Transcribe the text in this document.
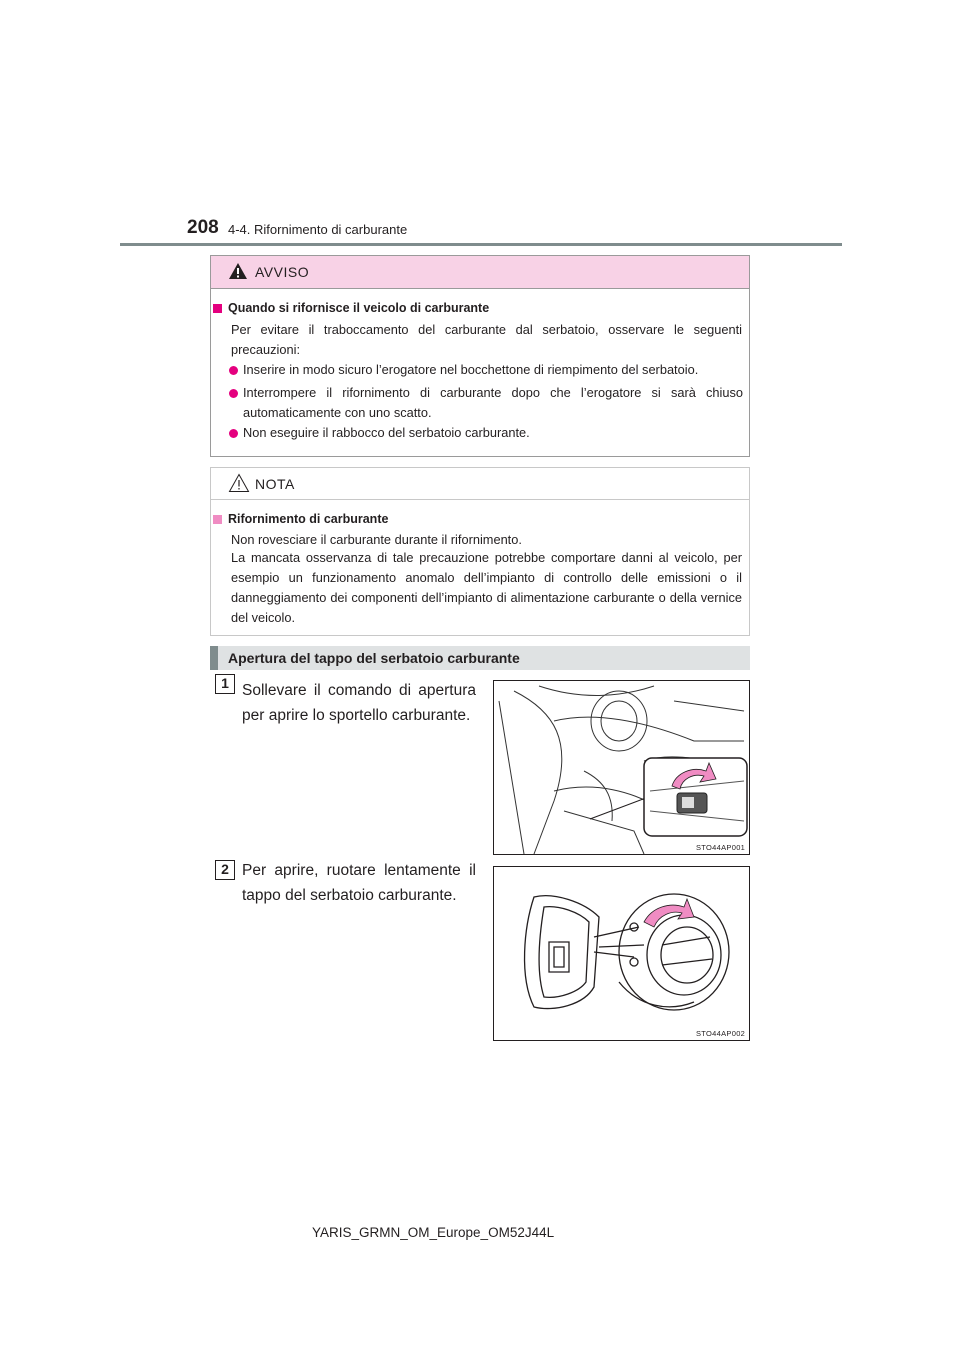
208 4-4. Rifornimento di carburante
AVVISO
Quando si rifornisce il veicolo di carburante
Per evitare il traboccamento del carburante dal serbatoio, osservare le seguenti precauzioni:
Inserire in modo sicuro l’erogatore nel bocchettone di riempimento del serbatoio.
Interrompere il rifornimento di carburante dopo che l’erogatore si sarà chiuso automaticamente con uno scatto.
Non eseguire il rabbocco del serbatoio carburante.
NOTA
Rifornimento di carburante
Non rovesciare il carburante durante il rifornimento.
La mancata osservanza di tale precauzione potrebbe comportare danni al veicolo, per esempio un funzionamento anomalo dell’impianto di controllo delle emissioni o il danneggiamento dei componenti dell’impianto di alimentazione carburante o della vernice del veicolo.
Apertura del tappo del serbatoio carburante
1 Sollevare il comando di apertura per aprire lo sportello carburante.
STO44AP001
2 Per aprire, ruotare lentamente il tappo del serbatoio carburante.
STO44AP002
YARIS_GRMN_OM_Europe_OM52J44L
